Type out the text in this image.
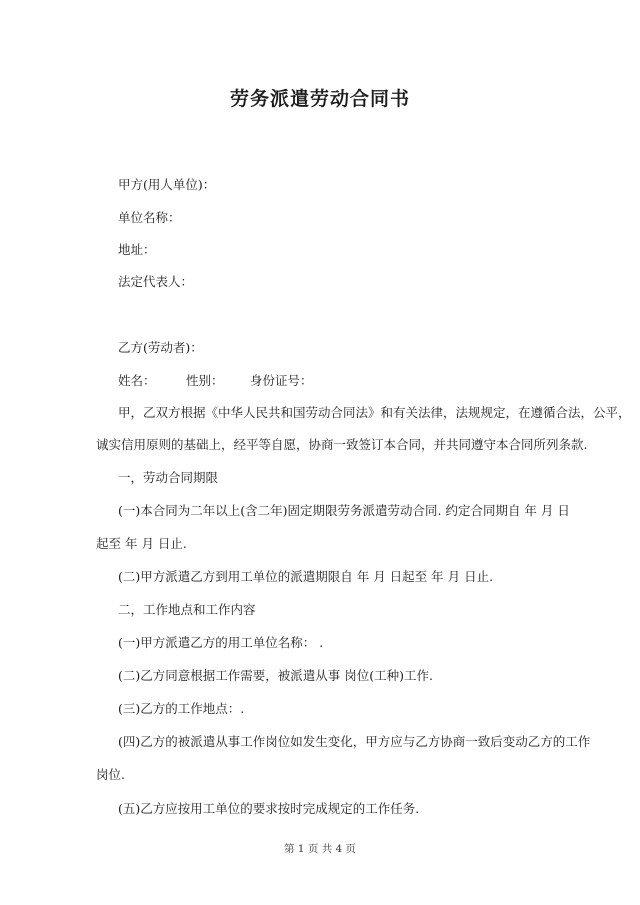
劳务派遣劳动合同书
甲方(用人单位)：
单位名称：
地址：
法定代表人：
乙方(劳动者)：
姓名： 性别： 身份证号：
甲，乙双方根据《中华人民共和国劳动合同法》和有关法律，法规规定，在遵循合法，公平，
诚实信用原则的基础上，经平等自愿，协商一致签订本合同，并共同遵守本合同所列条款.
一，劳动合同期限
(一)本合同为二年以上(含二年)固定期限劳务派遣劳动合同. 约定合同期自 年 月 日
起至 年 月 日止.
(二)甲方派遣乙方到用工单位的派遣期限自 年 月 日起至 年 月 日止.
二，工作地点和工作内容
(一)甲方派遣乙方的用工单位名称： .
(二)乙方同意根据工作需要，被派遣从事 岗位(工种)工作.
(三)乙方的工作地点：.
(四)乙方的被派遣从事工作岗位如发生变化，甲方应与乙方协商一致后变动乙方的工作
岗位.
(五)乙方应按用工单位的要求按时完成规定的工作任务.
第 1 页 共 4 页
